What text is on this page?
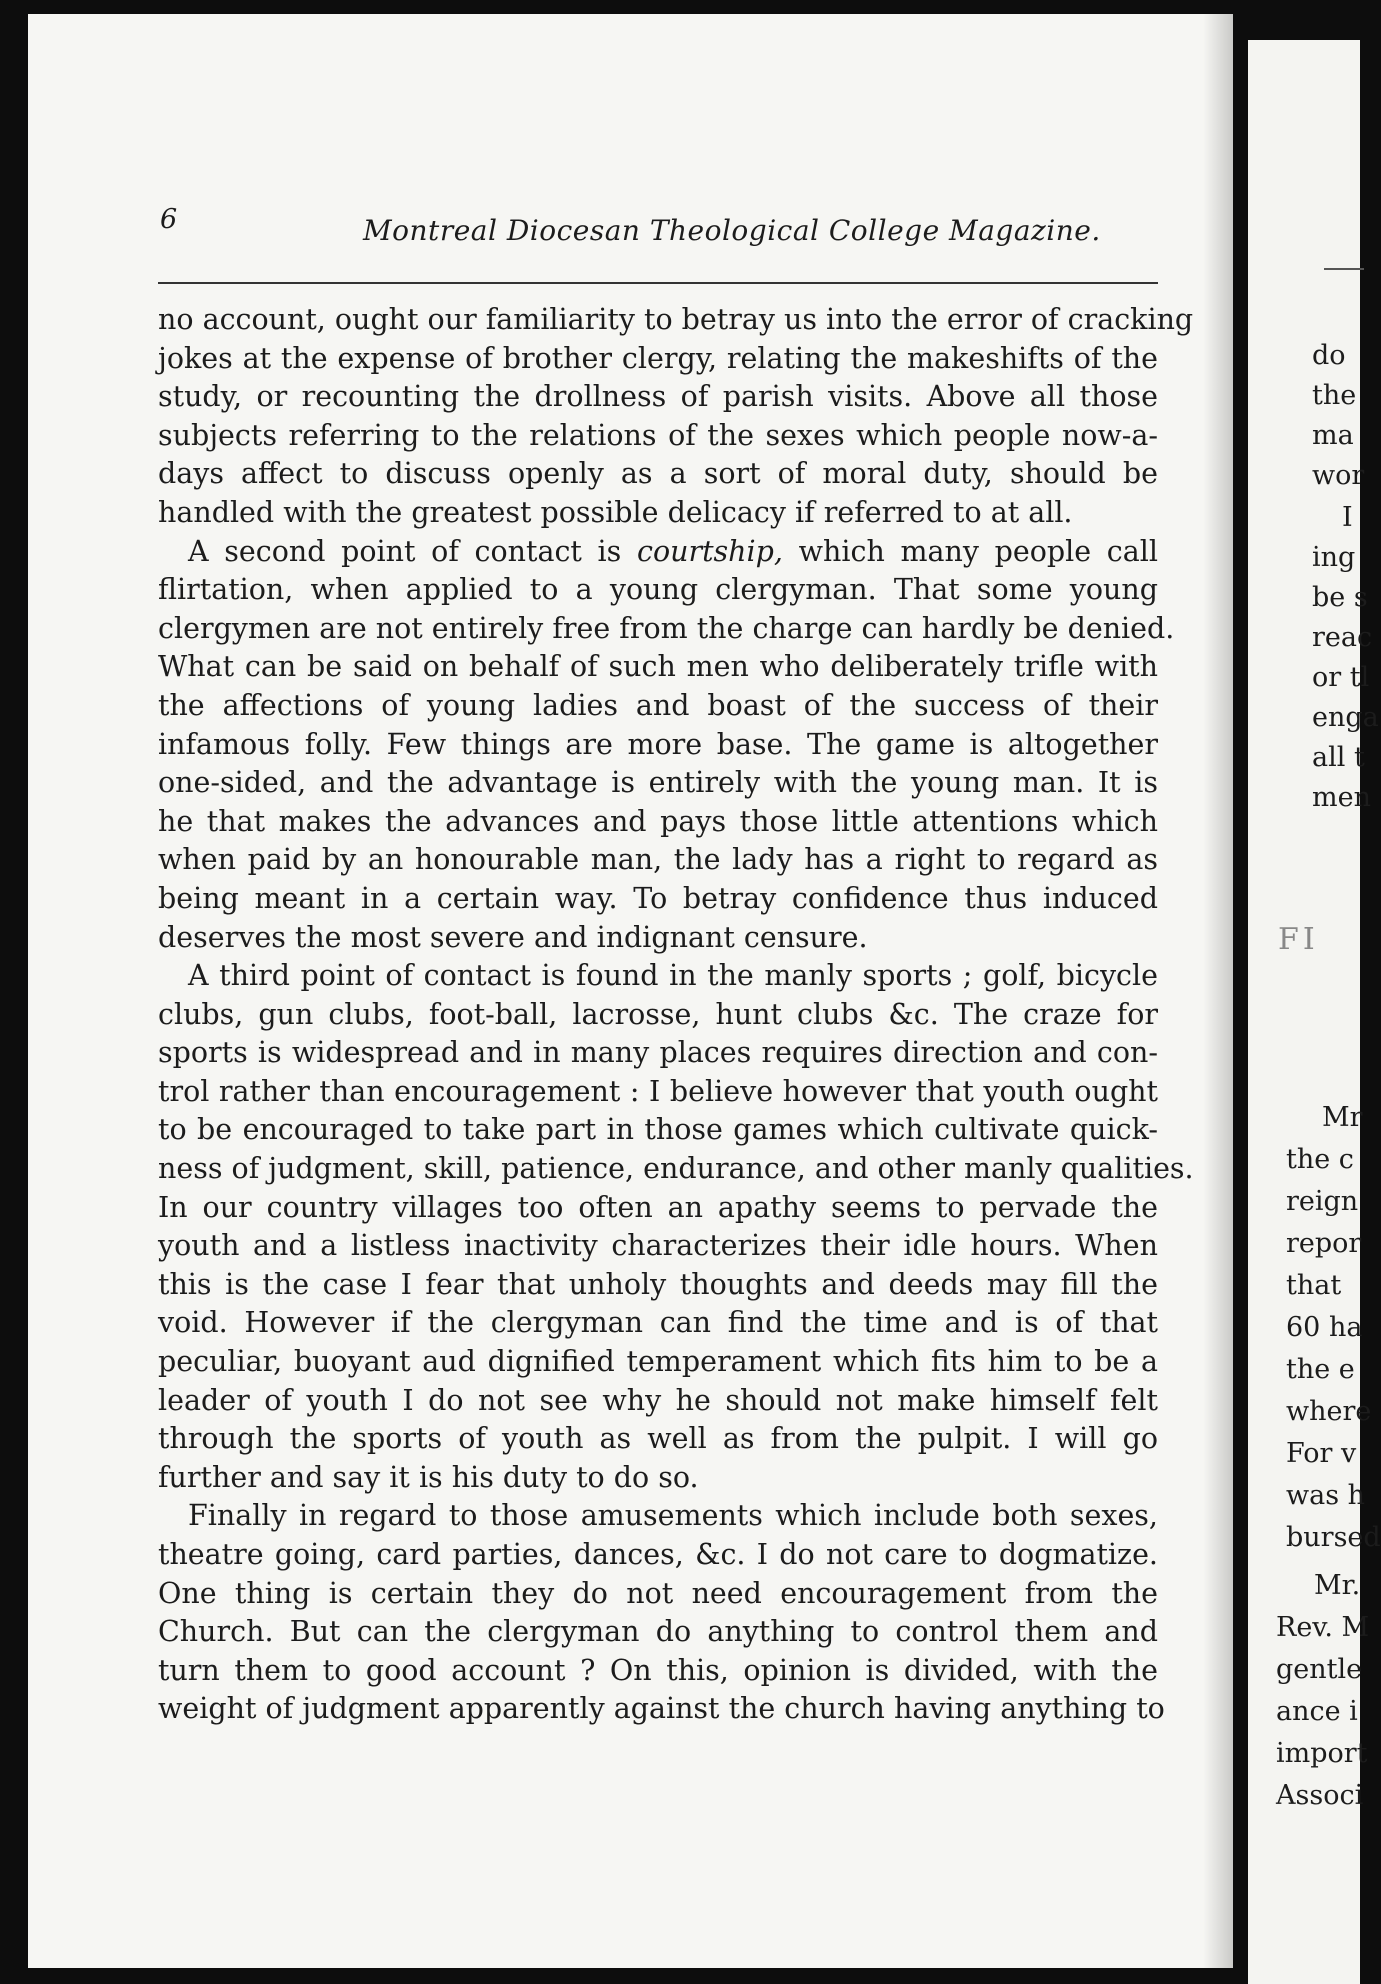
6	Montreal Diocesan Theological College Magazine.
no account, ought our familiarity to betray us into the error of cracking
jokes at the expense of brother clergy, relating the makeshifts of the
study, or recounting the drollness of parish visits. Above all those
subjects referring to the relations of the sexes which people now-a-
days affect to discuss openly as a sort of moral duty, should be
handled with the greatest possible delicacy if referred to at all.
A second point of contact is courtship, which many people call
flirtation, when applied to a young clergyman. That some young
clergymen are not entirely free from the charge can hardly be denied.
What can be said on behalf of such men who deliberately trifle with
the affections of young ladies and boast of the success of their
infamous folly. Few things are more base. The game is altogether
one-sided, and the advantage is entirely with the young man. It is
he that makes the advances and pays those little attentions which
when paid by an honourable man, the lady has a right to regard as
being meant in a certain way. To betray confidence thus induced
deserves the most severe and indignant censure.
A third point of contact is found in the manly sports ; golf, bicycle
clubs, gun clubs, foot-ball, lacrosse, hunt clubs &c. The craze for
sports is widespread and in many places requires direction and con-
trol rather than encouragement : I believe however that youth ought
to be encouraged to take part in those games which cultivate quick-
ness of judgment, skill, patience, endurance, and other manly qualities.
In our country villages too often an apathy seems to pervade the
youth and a listless inactivity characterizes their idle hours. When
this is the case I fear that unholy thoughts and deeds may fill the
void. However if the clergyman can find the time and is of that
peculiar, buoyant aud dignified temperament which fits him to be a
leader of youth I do not see why he should not make himself felt
through the sports of youth as well as from the pulpit. I will go
further and say it is his duty to do so.
Finally in regard to those amusements which include both sexes,
theatre going, card parties, dances, &c. I do not care to dogmatize.
One thing is certain they do not need encouragement from the
Church. But can the clergyman do anything to control them and
turn them to good account ? On this, opinion is divided, with the
weight of judgment apparently against the church having anything to
do
the
ma
wor
I
ing
be s
reac
or tl
enga
all t
men
FI
Mr
the c
reign
repor
that
60 ha
the e
where
For v
was h
bursed
Mr.
Rev. M
gentle
ance i
import
Associ
